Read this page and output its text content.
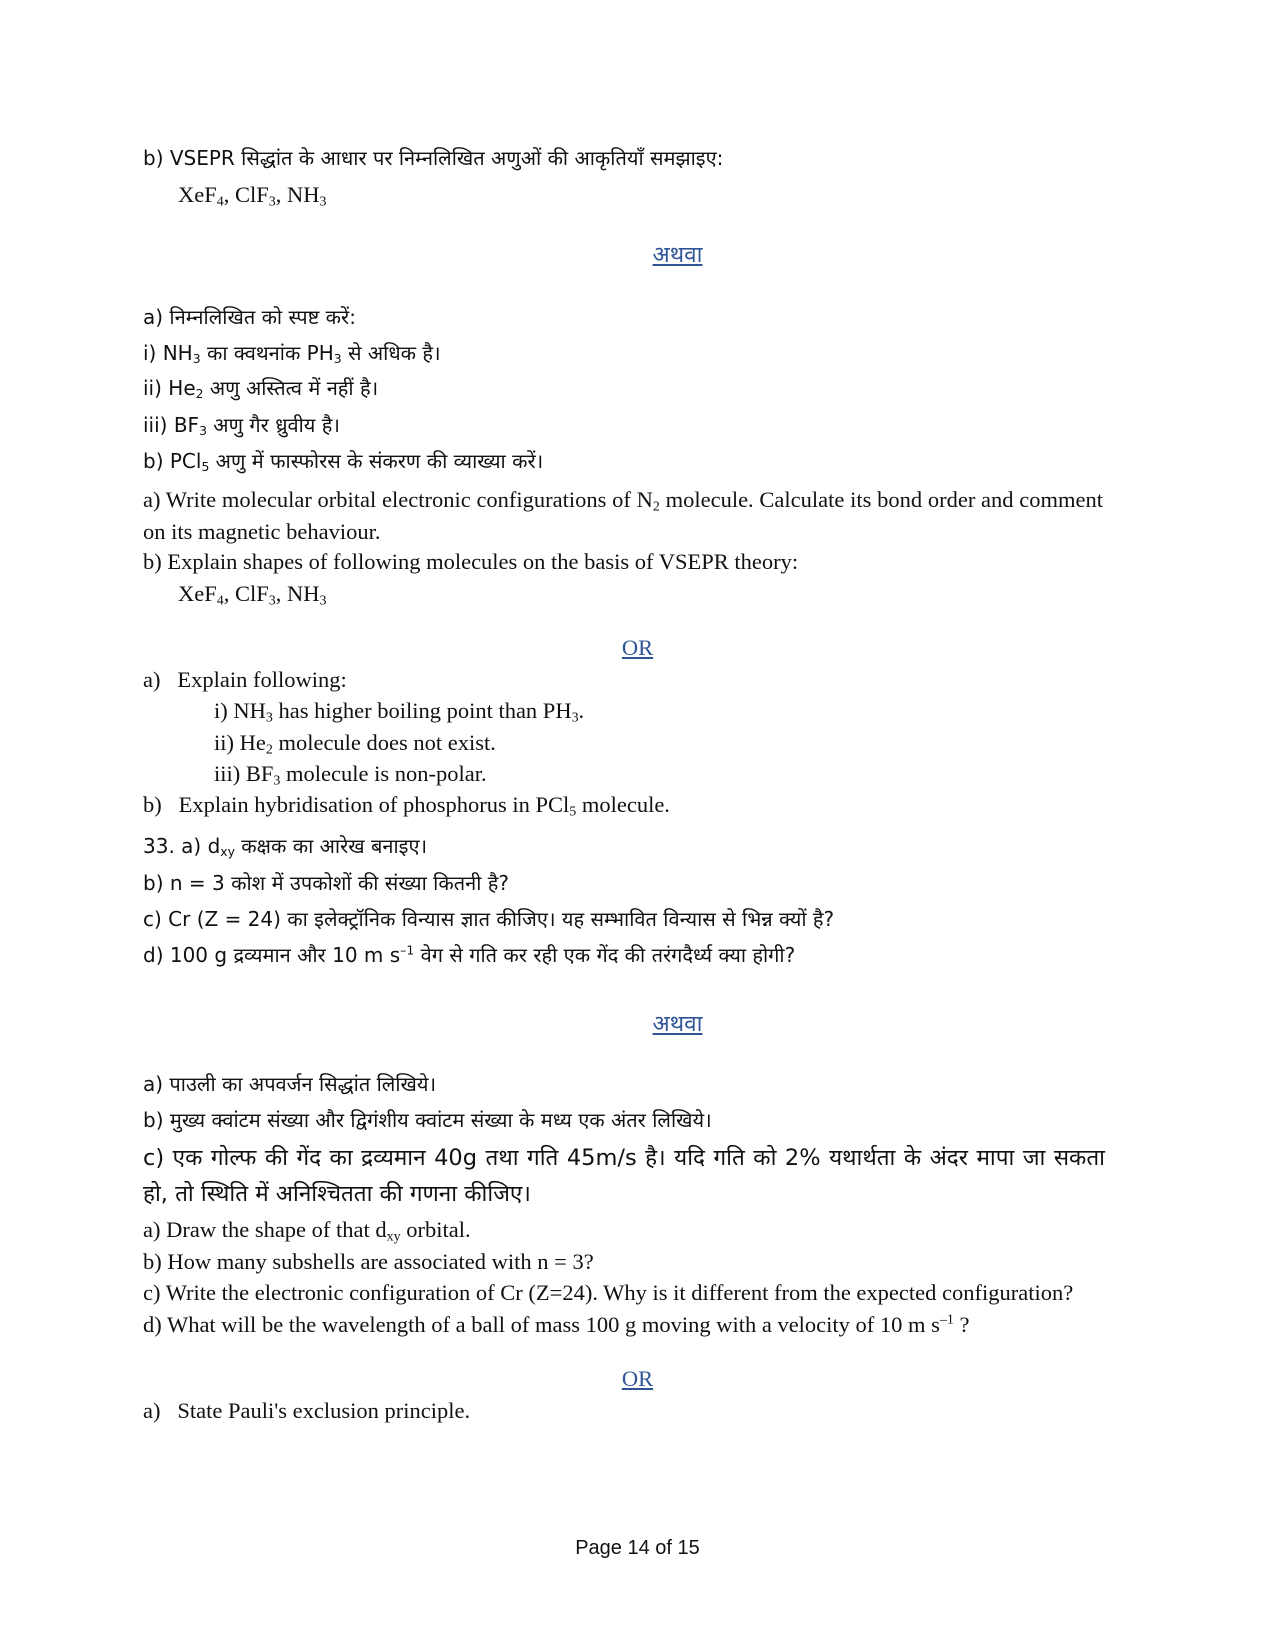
b) VSEPR सिद्धांत के आधार पर निम्नलिखित अणुओं की आकृतियाँ समझाइए:
XeF$_4$, ClF$_3$, $NH_3$
अथवा
a) निम्नलिखित को स्पष्ट करें:
i) $NH_3$ का क्वथनांक $PH_3$ से अधिक है।
ii) $He_2$ अणु अस्तित्व में नहीं है।
iii) $BF_3$ अणु गैर ध्रुवीय है।
b) PCl$_5$ अणु में फास्फोरस के संकरण की व्याख्या करें।
a) Write molecular orbital electronic configurations of $N_2$ molecule. Calculate its bond order and comment on its magnetic behaviour.
b) Explain shapes of following molecules on the basis of VSEPR theory:
XeF$_4$, ClF$_3$, $NH_3$
OR
a)   Explain following:
i) $NH_3$ has higher boiling point than $PH_3$.
ii) $He_2$ molecule does not exist.
iii) $BF_3$ molecule is non-polar.
b)   Explain hybridisation of phosphorus in PCl$_5$ molecule.
33. a) $d_{xy}$ कक्षक का आरेख बनाइए।
b) n = 3 कोश में उपकोशों की संख्या कितनी है?
c) Cr (Z = 24) का इलेक्ट्रॉनिक विन्यास ज्ञात कीजिए। यह सम्भावित विन्यास से भिन्न क्यों है?
d) 100 g द्रव्यमान और 10 m $s^{-1}$ वेग से गति कर रही एक गेंद की तरंगदैर्ध्य क्या होगी?
अथवा
a) पाउली का अपवर्जन सिद्धांत लिखिये।
b) मुख्य क्वांटम संख्या और द्विगंशीय क्वांटम संख्या के मध्य एक अंतर लिखिये।
c) एक गोल्फ की गेंद का द्रव्यमान 40g तथा गति 45m/s है। यदि गति को 2% यथार्थता के अंदर मापा जा सकता हो, तो स्थिति में अनिश्चितता की गणना कीजिए।
a) Draw the shape of that $d_{xy}$ orbital.
b) How many subshells are associated with n = 3?
c) Write the electronic configuration of Cr (Z=24). Why is it different from the expected configuration?
d) What will be the wavelength of a ball of mass 100 g moving with a velocity of 10 m $s^{-1}$ ?
OR
a)   State Pauli's exclusion principle.
Page 14 of 15
